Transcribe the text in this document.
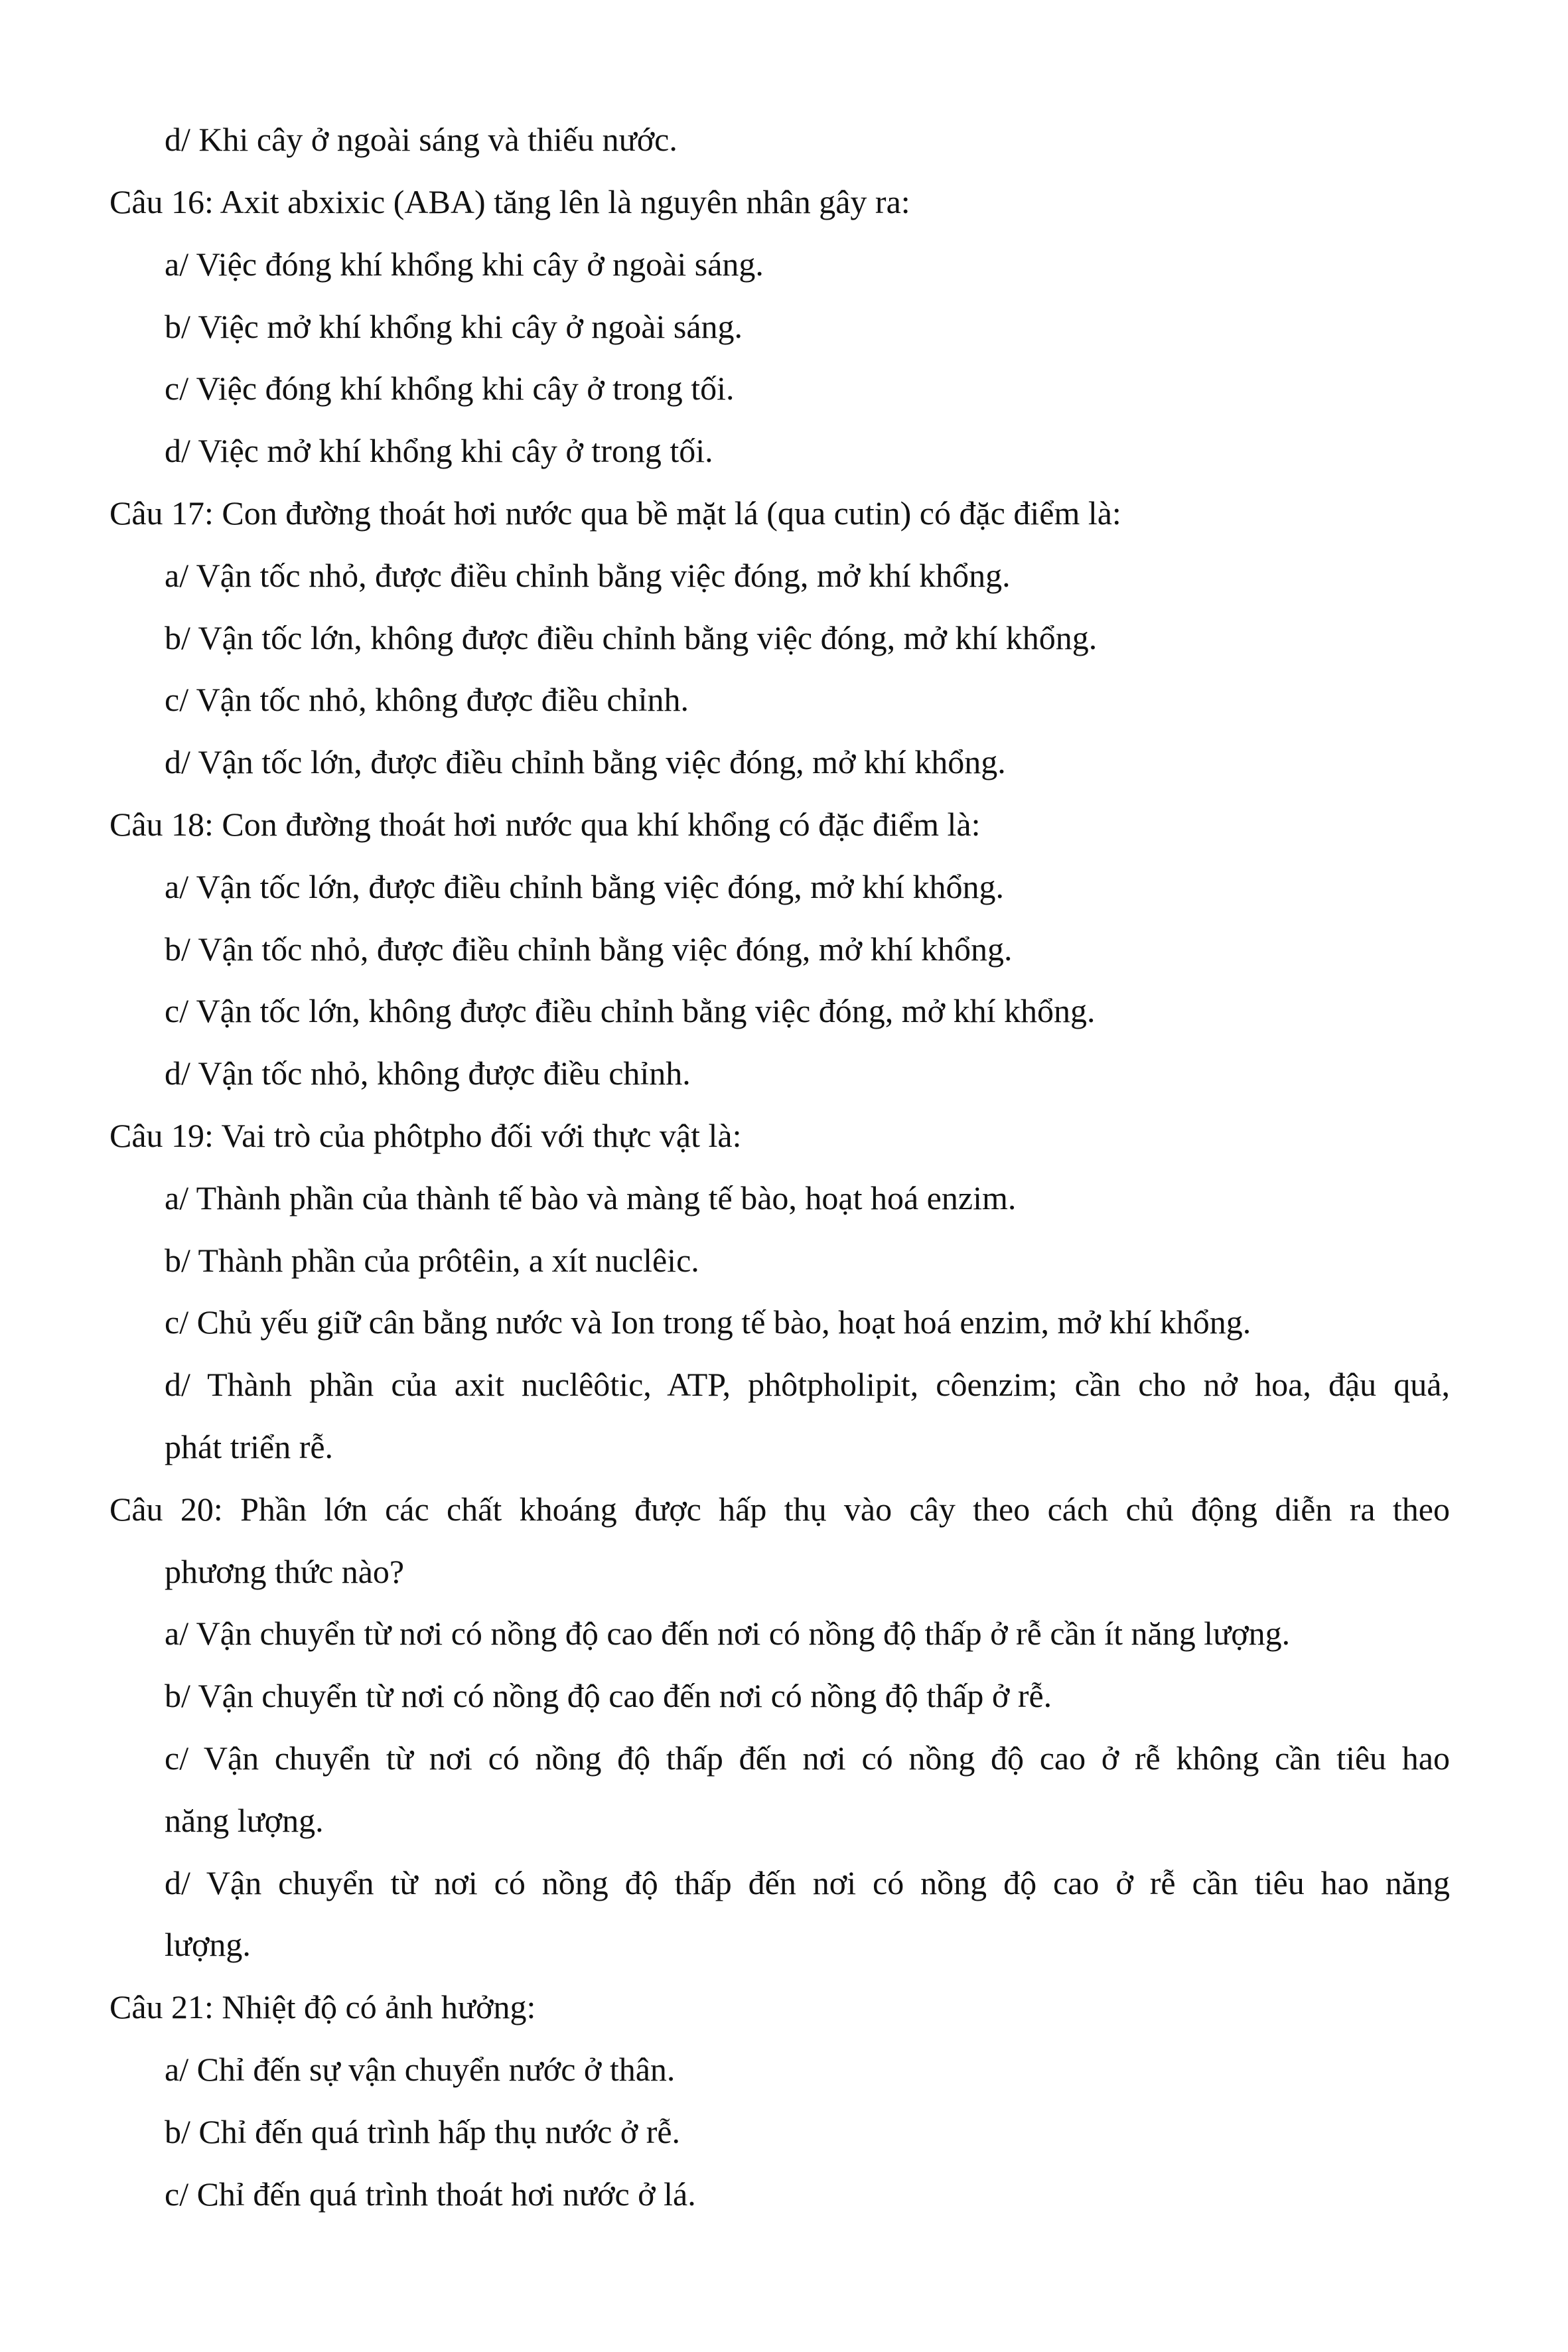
d/ Khi cây ở ngoài sáng và thiếu nước.
Câu 16: Axit abxixic (ABA) tăng lên là nguyên nhân gây ra:
a/ Việc đóng khí khổng khi cây ở ngoài sáng.
b/ Việc mở khí khổng khi cây ở ngoài sáng.
c/ Việc đóng khí khổng khi cây ở trong tối.
d/ Việc mở khí khổng khi cây ở trong tối.
Câu 17: Con đường thoát hơi nước qua bề mặt lá (qua cutin) có đặc điểm là:
a/ Vận tốc nhỏ, được điều chỉnh bằng việc đóng, mở khí khổng.
b/ Vận tốc lớn, không được điều chỉnh bằng việc đóng, mở khí khổng.
c/ Vận tốc nhỏ, không được điều chỉnh.
d/ Vận tốc lớn, được điều chỉnh bằng việc đóng, mở khí khổng.
Câu 18: Con đường thoát hơi nước qua khí khổng có đặc điểm là:
a/ Vận tốc lớn, được điều chỉnh bằng việc đóng, mở khí khổng.
b/ Vận tốc nhỏ, được điều chỉnh bằng việc đóng, mở khí khổng.
c/ Vận tốc lớn, không được điều chỉnh bằng việc đóng, mở khí khổng.
d/ Vận tốc nhỏ, không được điều chỉnh.
Câu 19: Vai trò của phôtpho đối với thực vật là:
a/ Thành phần của thành tế bào và màng tế bào, hoạt hoá enzim.
b/ Thành phần của prôtêin, a xít nuclêic.
c/ Chủ yếu giữ cân bằng nước và Ion trong tế bào, hoạt hoá enzim, mở khí khổng.
d/ Thành phần của axit nuclêôtic, ATP, phôtpholipit, côenzim; cần cho nở hoa, đậu quả,
phát triển rễ.
Câu 20: Phần lớn các chất khoáng được hấp thụ vào cây theo cách chủ động diễn ra theo
phương thức nào?
a/ Vận chuyển từ nơi có nồng độ cao đến nơi có nồng độ thấp ở rễ cần ít năng lượng.
b/ Vận chuyển từ nơi có nồng độ cao đến nơi có nồng độ thấp ở rễ.
c/ Vận chuyển từ nơi có nồng độ thấp đến nơi có nồng độ cao ở rễ không cần tiêu hao
năng lượng.
d/ Vận chuyển từ nơi có nồng độ thấp đến nơi có nồng độ cao ở rễ cần tiêu hao năng
lượng.
Câu 21: Nhiệt độ có ảnh hưởng:
a/ Chỉ đến sự vận chuyển nước ở thân.
b/ Chỉ đến quá trình hấp thụ nước ở rễ.
c/ Chỉ đến quá trình thoát hơi nước ở lá.
